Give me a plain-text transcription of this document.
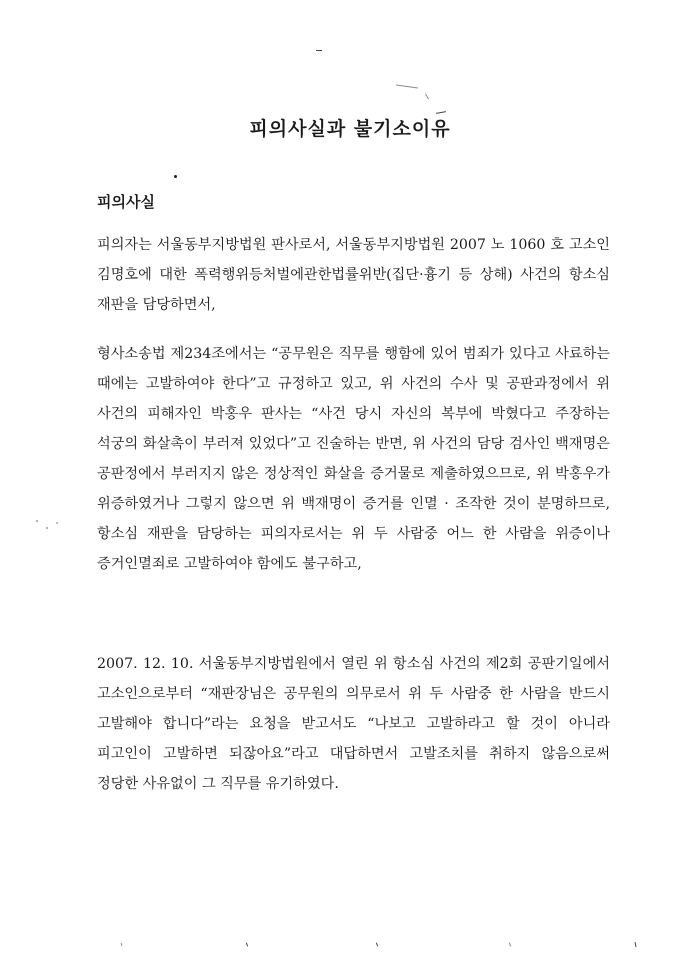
피의사실과 불기소이유
피의사실

피의자는 서울동부지방법원 판사로서, 서울동부지방법원 2007 노 1060 호 고소인 김명호에 대한 폭력행위등처벌에관한법률위반(집단·흉기 등 상해) 사건의 항소심 재판을 담당하면서,

형사소송법 제234조에서는 “공무원은 직무를 행함에 있어 범죄가 있다고 사료하는 때에는 고발하여야 한다”고 규정하고 있고, 위 사건의 수사 및 공판과정에서 위 사건의 피해자인 박홍우 판사는 “사건 당시 자신의 복부에 박혔다고 주장하는 석궁의 화살촉이 부러져 있었다”고 진술하는 반면, 위 사건의 담당 검사인 백재명은 공판정에서 부러지지 않은 정상적인 화살을 증거물로 제출하였으므로, 위 박홍우가 위증하였거나 그렇지 않으면 위 백재명이 증거를 인멸 · 조작한 것이 분명하므로, 항소심 재판을 담당하는 피의자로서는 위 두 사람중 어느 한 사람을 위증이나 증거인멸죄로 고발하여야 함에도 불구하고,

2007. 12. 10. 서울동부지방법원에서 열린 위 항소심 사건의 제2회 공판기일에서 고소인으로부터 “재판장님은 공무원의 의무로서 위 두 사람중 한 사람을 반드시 고발해야 합니다”라는 요청을 받고서도 “나보고 고발하라고 할 것이 아니라 피고인이 고발하면 되잖아요”라고 대답하면서 고발조치를 취하지 않음으로써 정당한 사유없이 그 직무를 유기하였다.
